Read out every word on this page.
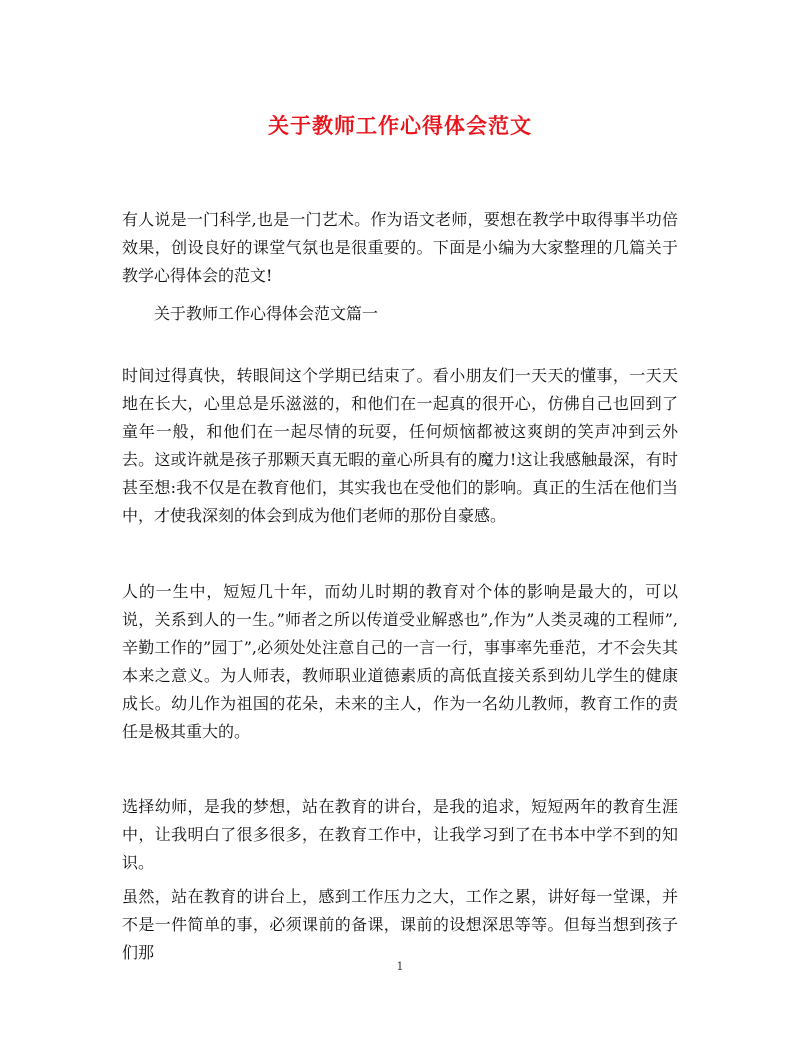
关于教师工作心得体会范文

有人说是一门科学,也是一门艺术。作为语文老师，要想在教学中取得事半功倍效果，创设良好的课堂气氛也是很重要的。下面是小编为大家整理的几篇关于教学心得体会的范文!

关于教师工作心得体会范文篇一

时间过得真快，转眼间这个学期已结束了。看小朋友们一天天的懂事，一天天地在长大，心里总是乐滋滋的，和他们在一起真的很开心，仿佛自己也回到了童年一般，和他们在一起尽情的玩耍，任何烦恼都被这爽朗的笑声冲到云外去。这或许就是孩子那颗天真无暇的童心所具有的魔力!这让我感触最深，有时甚至想:我不仅是在教育他们，其实我也在受他们的影响。真正的生活在他们当中，才使我深刻的体会到成为他们老师的那份自豪感。

人的一生中，短短几十年，而幼儿时期的教育对个体的影响是最大的，可以说，关系到人的一生。”师者之所以传道受业解惑也”,作为”人类灵魂的工程师”,辛勤工作的”园丁”,必须处处注意自己的一言一行，事事率先垂范，才不会失其本来之意义。为人师表，教师职业道德素质的高低直接关系到幼儿学生的健康成长。幼儿作为祖国的花朵，未来的主人，作为一名幼儿教师，教育工作的责任是极其重大的。

选择幼师，是我的梦想，站在教育的讲台，是我的追求，短短两年的教育生涯中，让我明白了很多很多，在教育工作中，让我学习到了在书本中学不到的知识。

虽然，站在教育的讲台上，感到工作压力之大，工作之累，讲好每一堂课，并不是一件简单的事，必须课前的备课，课前的设想深思等等。但每当想到孩子们那

1
